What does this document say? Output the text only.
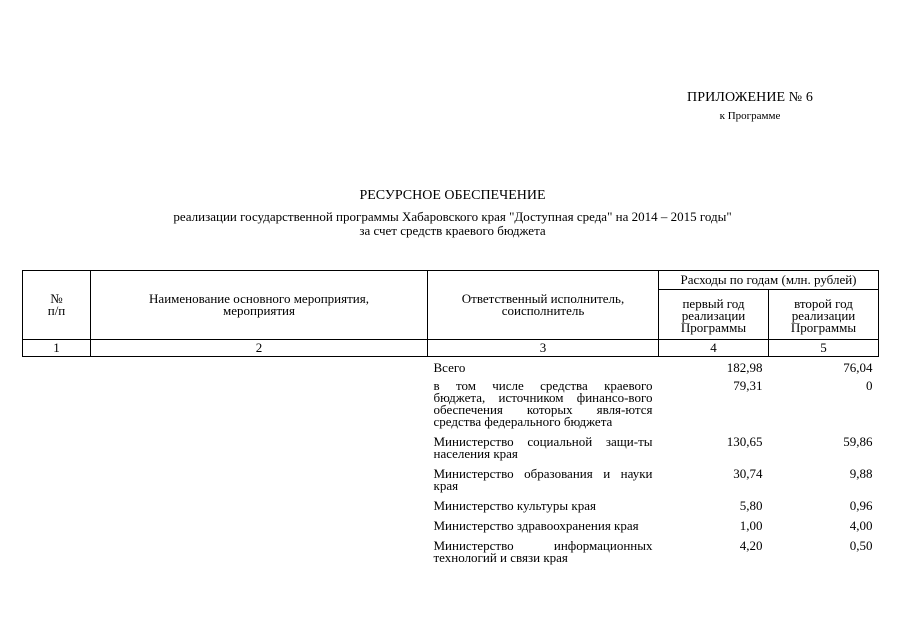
ПРИЛОЖЕНИЕ № 6
к Программе
РЕСУРСНОЕ ОБЕСПЕЧЕНИЕ
реализации государственной программы Хабаровского края "Доступная среда" на 2014 – 2015 годы"
за счет средств краевого бюджета
№
п/п	Наименование основного мероприятия, мероприятия	Ответственный исполнитель, соисполнитель	Расходы по годам (млн. рублей)	
			первый год реализации Программы	второй год реализации Программы
1	2	3	4	5
		Всего	182,98	76,04
		в том числе средства краевого бюджета, источником финансо-вого обеспечения которых явля-ются средства федерального бюджета	79,31	0
		Министерство социальной защи-ты населения края	130,65	59,86
		Министерство образования и науки края	30,74	9,88
		Министерство культуры края	5,80	0,96
		Министерство здравоохранения края	1,00	4,00
		Министерство информационных технологий и связи края	4,20	0,50
